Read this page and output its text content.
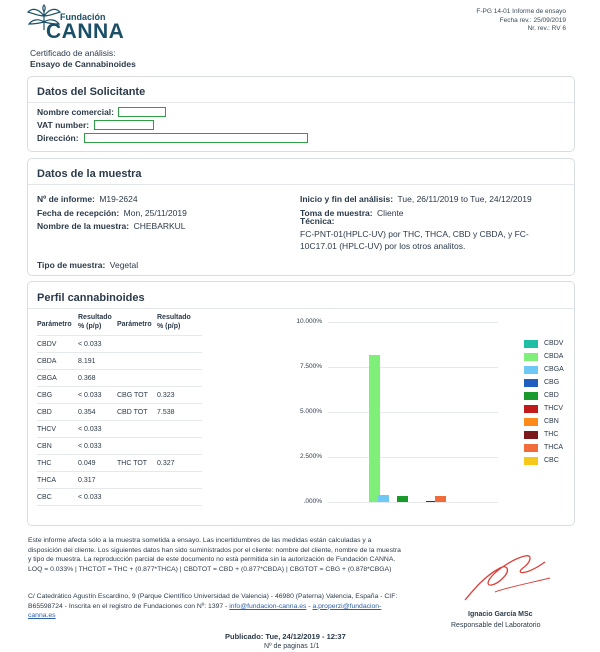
Fundación
CANNA
F-PG 14-01 Informe de ensayo
Fecha rev.: 25/09/2019
Nr. rev.: RV 6
Certificado de análisis:
Ensayo de Cannabinoides
Datos del Solicitante
Nombre comercial:
VAT number:
Dirección:
Datos de la muestra
Nº de informe: M19-2624
Fecha de recepción: Mon, 25/11/2019
Nombre de la muestra: CHEBARKUL
Tipo de muestra: Vegetal
Inicio y fin del análisis: Tue, 26/11/2019 to Tue, 24/12/2019
Toma de muestra: Cliente
Técnica:
FC-PNT-01(HPLC-UV) por THC, THCA, CBD y CBDA, y FC-
10C17.01 (HPLC-UV) por los otros analitos.
Perfil cannabinoides
Parámetro
Resultado
% (p/p)	Parámetro
Resultado
% (p/p)
CBDV	< 0.033
CBDA	8.191
CBGA	0.368
CBG	< 0.033 CBG TOT 0.323
CBD	0.354	CBD TOT 7.538
THCV	< 0.033
CBN	< 0.033
THC	0.049	THC TOT 0.327
THCA	0.317
CBC	< 0.033
10.000%
7.500%
5.000%
2.500%
.000%
CBDV
CBDA
CBGA
CBG
CBD
THCV
CBN
THC
THCA
CBC
Este informe afecta sólo a la muestra sometida a ensayo. Las incertidumbres de las medidas están calculadas y a
disposición del cliente. Los siguientes datos han sido suministrados por el cliente: nombre del cliente, nombre de la muestra
y tipo de muestra. La reproducción parcial de este documento no está permitida sin la autorización de Fundación CANNA.
LOQ = 0.033% | THCTOT = THC + (0.877*THCA) | CBDTOT = CBD + (0.877*CBDA) | CBGTOT = CBG + (0.878*CBGA)
C/ Catedrático Agustín Escardino, 9 (Parque Científico Universidad de Valencia) - 46980 (Paterna) Valencia, España - CIF:
B65598724 - Inscrita en el registro de Fundaciones con Nº: 1397 - info@fundacion-canna.es - a.properzi@fundacion-
canna.es	Ignacio García MSc
Responsable del Laboratorio
Publicado: Tue, 24/12/2019 - 12:37
Nº de paginas 1/1
